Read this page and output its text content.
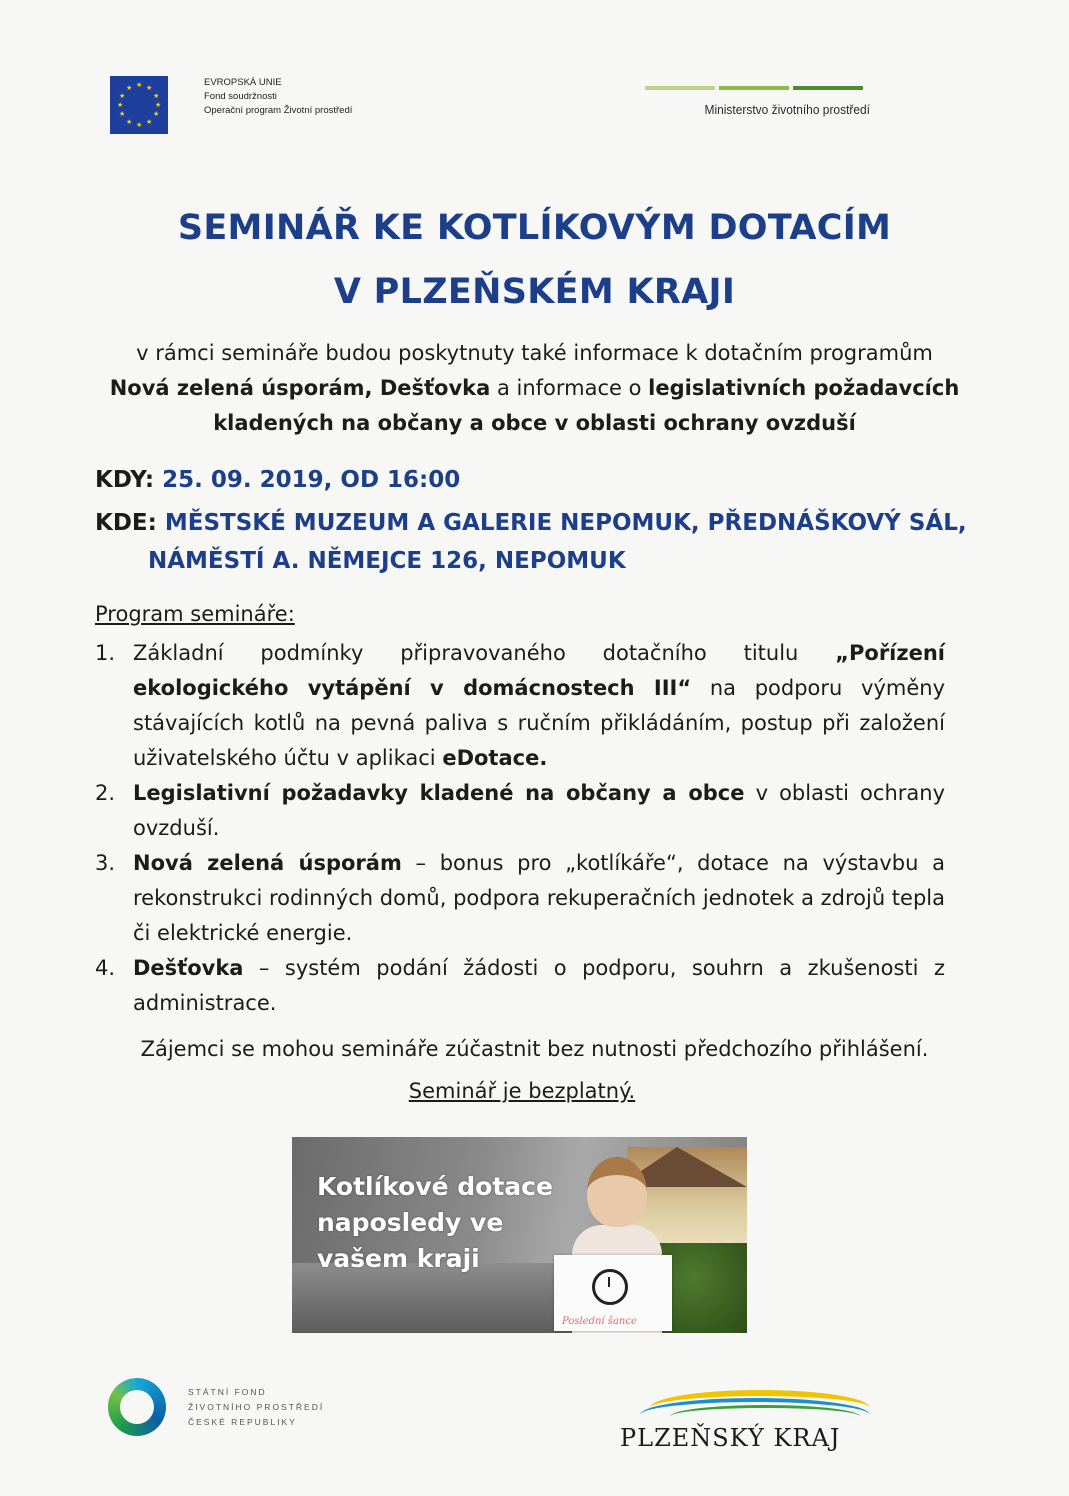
★ ★
★
★
★
★
★
★
★
★
★
★	EVROPSKÁ UNIE
Fond soudržnosti
Operační program Životní prostředí	Ministerstvo životního prostředí
SEMINÁŘ KE KOTLÍKOVÝM DOTACÍM
V PLZEŇSKÉM KRAJI
v rámci semináře budou poskytnuty také informace k dotačním programům
Nová zelená úsporám, Dešťovka a informace o legislativních požadavcích kladených na občany a obce v oblasti ochrany ovzduší
KDY: 25. 09. 2019, OD 16:00
KDE: MĚSTSKÉ MUZEUM A GALERIE NEPOMUK, PŘEDNÁŠKOVÝ SÁL,
NÁMĚSTÍ A. NĚMEJCE 126, NEPOMUK
Program semináře:
1. Základní podmínky připravovaného dotačního titulu „Pořízení ekologického vytápění v domácnostech III“ na podporu výměny stávajících kotlů na pevná paliva s ručním přikládáním, postup při založení uživatelského účtu v aplikaci eDotace.
2. Legislativní požadavky kladené na občany a obce v oblasti ochrany ovzduší.
3. Nová zelená úsporám – bonus pro „kotlíkáře“, dotace na výstavbu a rekonstrukci rodinných domů, podpora rekuperačních jednotek a zdrojů tepla či elektrické energie.
4. Dešťovka – systém podání žádosti o podporu, souhrn a zkušenosti z administrace.
Zájemci se mohou semináře zúčastnit bez nutnosti předchozího přihlášení.
Seminář je bezplatný.
Kotlíkové dotace
naposledy ve
vašem kraji
Poslední šance
STÁTNÍ FOND
ŽIVOTNÍHO PROSTŘEDÍ
ČESKÉ REPUBLIKY
PLZEŇSKÝ KRAJ
